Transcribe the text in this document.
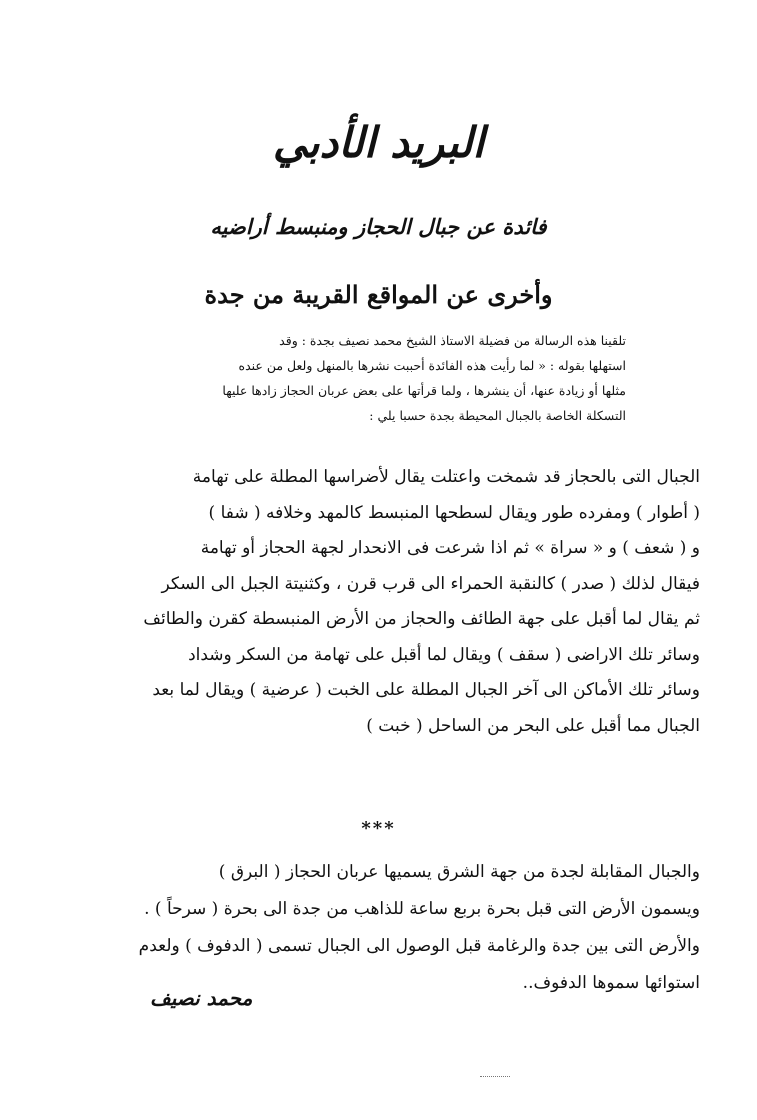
البريد الأدبي
فائدة عن جبال الحجاز ومنبسط أراضيه
وأخرى عن المواقع القريبة من جدة
تلقينا هذه الرسالة من فضيلة الاستاذ الشيخ محمد نصيف بجدة : وقد
استهلها بقوله : « لما رأيت هذه الفائدة أحببت نشرها بالمنهل ولعل من عنده
مثلها أو زيادة عنها، أن ينشرها ، ولما قرأتها على بعض عربان الحجاز زادها عليها
التسكلة الخاصة بالجبال المحيطة بجدة حسبا يلي :
الجبال التى بالحجاز قد شمخت واعتلت يقال لأضراسها المطلة على تهامة
( أطوار ) ومفرده طور ويقال لسطحها المنبسط كالمهد وخلافه ( شفا )
و ( شعف ) و « سراة » ثم اذا شرعت فى الانحدار لجهة الحجاز أو تهامة
فيقال لذلك ( صدر ) كالنقبة الحمراء الى قرب قرن ، وكثنيتة الجبل الى السكر
ثم يقال لما أقبل على جهة الطائف والحجاز من الأرض المنبسطة كقرن والطائف
وسائر تلك الاراضى ( سقف ) ويقال لما أقبل على تهامة من السكر وشداد
وسائر تلك الأماكن الى آخر الجبال المطلة على الخبت ( عرضية ) ويقال لما بعد
الجبال مما أقبل على البحر من الساحل ( خبت )
***
والجبال المقابلة لجدة من جهة الشرق يسميها عربان الحجاز ( البرق )
ويسمون الأرض التى قبل بحرة بربع ساعة للذاهب من جدة الى بحرة ( سرحاً ) .
والأرض التى بين جدة والرغامة قبل الوصول الى الجبال تسمى ( الدفوف ) ولعدم
استوائها سموها الدفوف..
محمد نصيف
